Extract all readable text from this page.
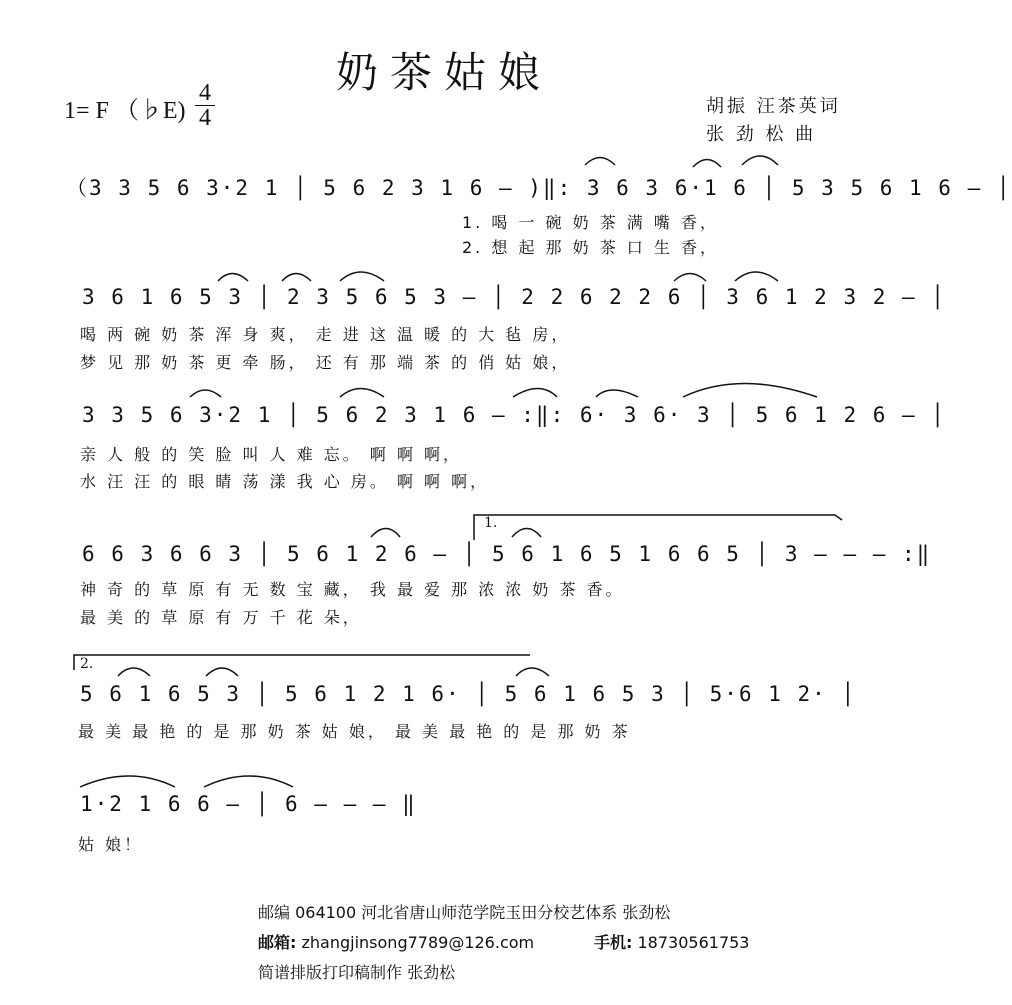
奶茶姑娘
1= F （♭E)
4
4	胡振 汪茶英词
张 劲 松 曲
（3 3 5 6 3·2 1 │ 5 6 2 3 1 6 — )‖: 3 6 3 6·1 6 │ 5 3 5 6 1 6 — │
1. 喝 一 碗 奶 茶 满 嘴 香，
2. 想 起 那 奶 茶 口 生 香，
3 6 1 6 5 3 │ 2 3 5 6 5 3 — │ 2 2 6 2 2 6 │ 3 6 1 2 3 2 — │
喝 两 碗 奶 茶 浑 身 爽， 走 进 这 温 暖 的 大 毡 房，
梦 见 那 奶 茶 更 牵 肠， 还 有 那 端 茶 的 俏 姑 娘，
3 3 5 6 3·2 1 │ 5 6 2 3 1 6 — :‖: 6· 3 6· 3 │ 5 6 1 2 6 — │
亲 人 般 的 笑 脸 叫 人 难 忘。 啊 啊 啊，
水 汪 汪 的 眼 睛 荡 漾 我 心 房。 啊 啊 啊，
1.
6 6 3 6 6 3 │ 5 6 1 2 6 — │ 5 6 1 6 5 1 6 6 5 │ 3 — — — :‖
神 奇 的 草 原 有 无 数 宝 藏， 我 最 爱 那 浓 浓 奶 茶 香。
最 美 的 草 原 有 万 千 花 朵，
2.
5 6 1 6 5 3 │ 5 6 1 2 1 6· │ 5 6 1 6 5 3 │ 5·6 1 2· │
最 美 最 艳 的 是 那 奶 茶 姑 娘， 最 美 最 艳 的 是 那 奶 茶
1·2 1 6 6 — │ 6 — — — ‖
姑 娘！
邮编 064100 河北省唐山师范学院玉田分校艺体系 张劲松
邮箱: zhangjinsong7789@126.com	手机: 18730561753
简谱排版打印稿制作 张劲松
